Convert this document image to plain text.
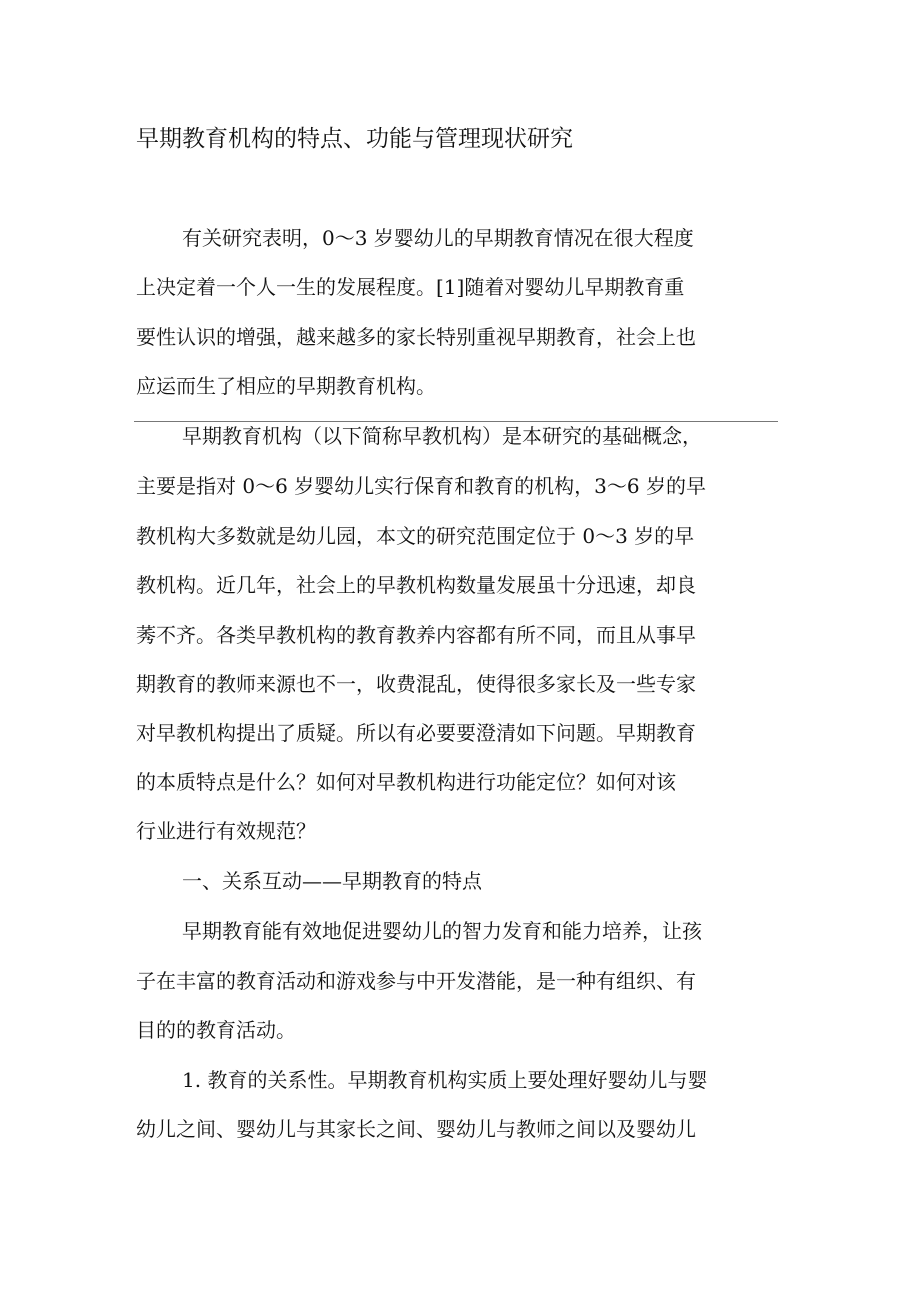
早期教育机构的特点、功能与管理现状研究
有关研究表明，0～3 岁婴幼儿的早期教育情况在很大程度
上决定着一个人一生的发展程度。[1]随着对婴幼儿早期教育重
要性认识的增强，越来越多的家长特别重视早期教育，社会上也
应运而生了相应的早期教育机构。
早期教育机构（以下简称早教机构）是本研究的基础概念，
主要是指对 0～6 岁婴幼儿实行保育和教育的机构，3～6 岁的早
教机构大多数就是幼儿园，本文的研究范围定位于 0～3 岁的早
教机构。近几年，社会上的早教机构数量发展虽十分迅速，却良
莠不齐。各类早教机构的教育教养内容都有所不同，而且从事早
期教育的教师来源也不一，收费混乱，使得很多家长及一些专家
对早教机构提出了质疑。所以有必要要澄清如下问题。早期教育
的本质特点是什么？如何对早教机构进行功能定位？如何对该
行业进行有效规范？
一、关系互动——早期教育的特点
早期教育能有效地促进婴幼儿的智力发育和能力培养，让孩
子在丰富的教育活动和游戏参与中开发潜能，是一种有组织、有
目的的教育活动。
1. 教育的关系性。早期教育机构实质上要处理好婴幼儿与婴
幼儿之间、婴幼儿与其家长之间、婴幼儿与教师之间以及婴幼儿
